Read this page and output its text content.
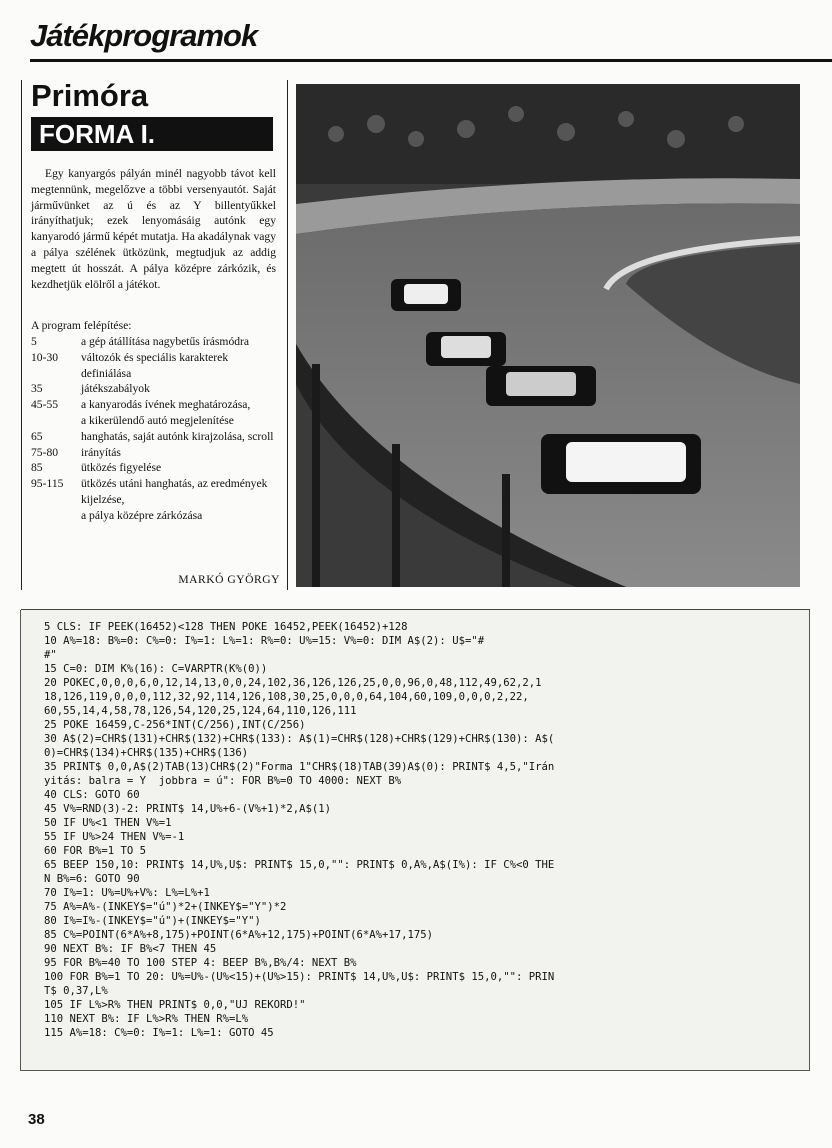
Játékprogramok
Primóra
FORMA I.

Egy kanyargós pályán minél nagyobb távot kell megtennünk, megelőzve a többi versenyautót. Saját járművünket az ú és az Y billentyűkkel irányíthatjuk; ezek lenyomásáig autónk egy kanyarodó jármű képét mutatja. Ha akadálynak vagy a pálya szélének ütközünk, megtudjuk az addig megtett út hosszát. A pálya középre zárkózik, és kezdhetjük elölről a játékot.

A program felépítése:
5	a gép átállítása nagybetűs írásmódra
10-30	változók és speciális karakterek definiálása
35	játékszabályok
45-55	a kanyarodás ívének meghatározása,
a kikerülendő autó megjelenítése
65	hanghatás, saját autónk kirajzolása, scroll
75-80	irányítás
85	ütközés figyelése
95-115	ütközés utáni hanghatás, az eredmények kijelzése,
a pálya középre zárkózása
MARKÓ GYÖRGY
5 CLS: IF PEEK(16452)<128 THEN POKE 16452,PEEK(16452)+128
10 A%=18: B%=0: C%=0: I%=1: L%=1: R%=0: U%=15: V%=0: DIM A$(2): U$="#
#"
15 C=0: DIM K%(16): C=VARPTR(K%(0))
20 POKEC,0,0,0,6,0,12,14,13,0,0,24,102,36,126,126,25,0,0,96,0,48,112,49,62,2,1
18,126,119,0,0,0,112,32,92,114,126,108,30,25,0,0,0,64,104,60,109,0,0,0,2,22,
60,55,14,4,58,78,126,54,120,25,124,64,110,126,111
25 POKE 16459,C-256*INT(C/256),INT(C/256)
30 A$(2)=CHR$(131)+CHR$(132)+CHR$(133): A$(1)=CHR$(128)+CHR$(129)+CHR$(130): A$(
0)=CHR$(134)+CHR$(135)+CHR$(136)
35 PRINT$ 0,0,A$(2)TAB(13)CHR$(2)"Forma 1"CHR$(18)TAB(39)A$(0): PRINT$ 4,5,"Irán
yitás: balra = Y  jobbra = ú": FOR B%=0 TO 4000: NEXT B%
40 CLS: GOTO 60
45 V%=RND(3)-2: PRINT$ 14,U%+6-(V%+1)*2,A$(1)
50 IF U%<1 THEN V%=1
55 IF U%>24 THEN V%=-1
60 FOR B%=1 TO 5
65 BEEP 150,10: PRINT$ 14,U%,U$: PRINT$ 15,0,"": PRINT$ 0,A%,A$(I%): IF C%<0 THE
N B%=6: GOTO 90
70 I%=1: U%=U%+V%: L%=L%+1
75 A%=A%-(INKEY$="ú")*2+(INKEY$="Y")*2
80 I%=I%-(INKEY$="ú")+(INKEY$="Y")
85 C%=POINT(6*A%+8,175)+POINT(6*A%+12,175)+POINT(6*A%+17,175)
90 NEXT B%: IF B%<7 THEN 45
95 FOR B%=40 TO 100 STEP 4: BEEP B%,B%/4: NEXT B%
100 FOR B%=1 TO 20: U%=U%-(U%<15)+(U%>15): PRINT$ 14,U%,U$: PRINT$ 15,0,"": PRIN
T$ 0,37,L%
105 IF L%>R% THEN PRINT$ 0,0,"UJ REKORD!"
110 NEXT B%: IF L%>R% THEN R%=L%
115 A%=18: C%=0: I%=1: L%=1: GOTO 45
38
